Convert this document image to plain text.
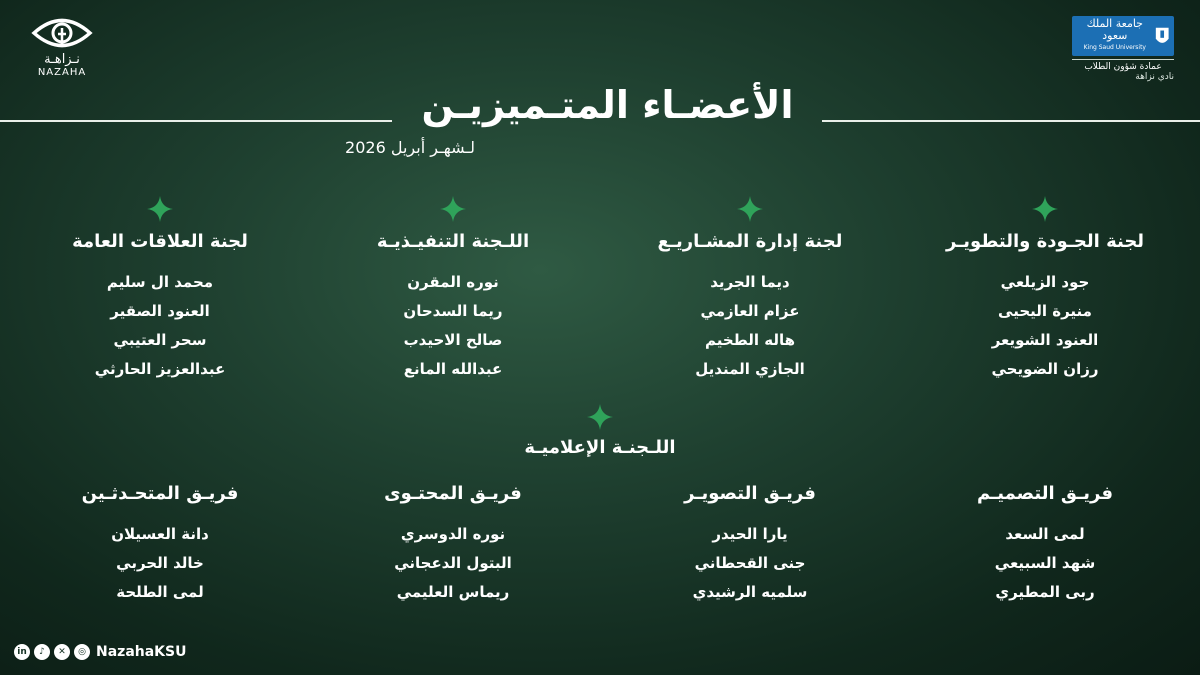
نـزاهـة
NAZAHA
جامعة الملك سعود
King Saud University
عمادة شؤون الطلاب
نادي نزاهة
الأعضـاء المتـميزيـن
لـشهـر أبريل 2026
لجنة الجـودة والتطويـر
جود الزيلعي
منيرة اليحيى
العنود الشويعر
رزان الضويحي
لجنة إدارة المشـاريـع
ديما الجريد
عزام العازمي
هاله الطخيم
الجازي المنديل
اللـجنة التنفيـذيـة
نوره المقرن
ريما السدحان
صالح الاحيدب
عبدالله المانع
لجنة العلاقات العامة
محمد ال سليم
العنود الصقير
سحر العتيبي
عبدالعزيز الحارثي
اللـجنـة الإعلاميـة
فريـق التصميـم
لمى السعد
شهد السبيعي
ربى المطيري
فريـق التصويـر
يارا الحيدر
جنى القحطاني
سلميه الرشيدي
فريـق المحتـوى
نوره الدوسري
البتول الدعجاني
ريماس العليمي
فريـق المتحـدثـين
دانة العسيلان
خالد الحربي
لمى الطلحة
in	♪	✕	◎ NazahaKSU
